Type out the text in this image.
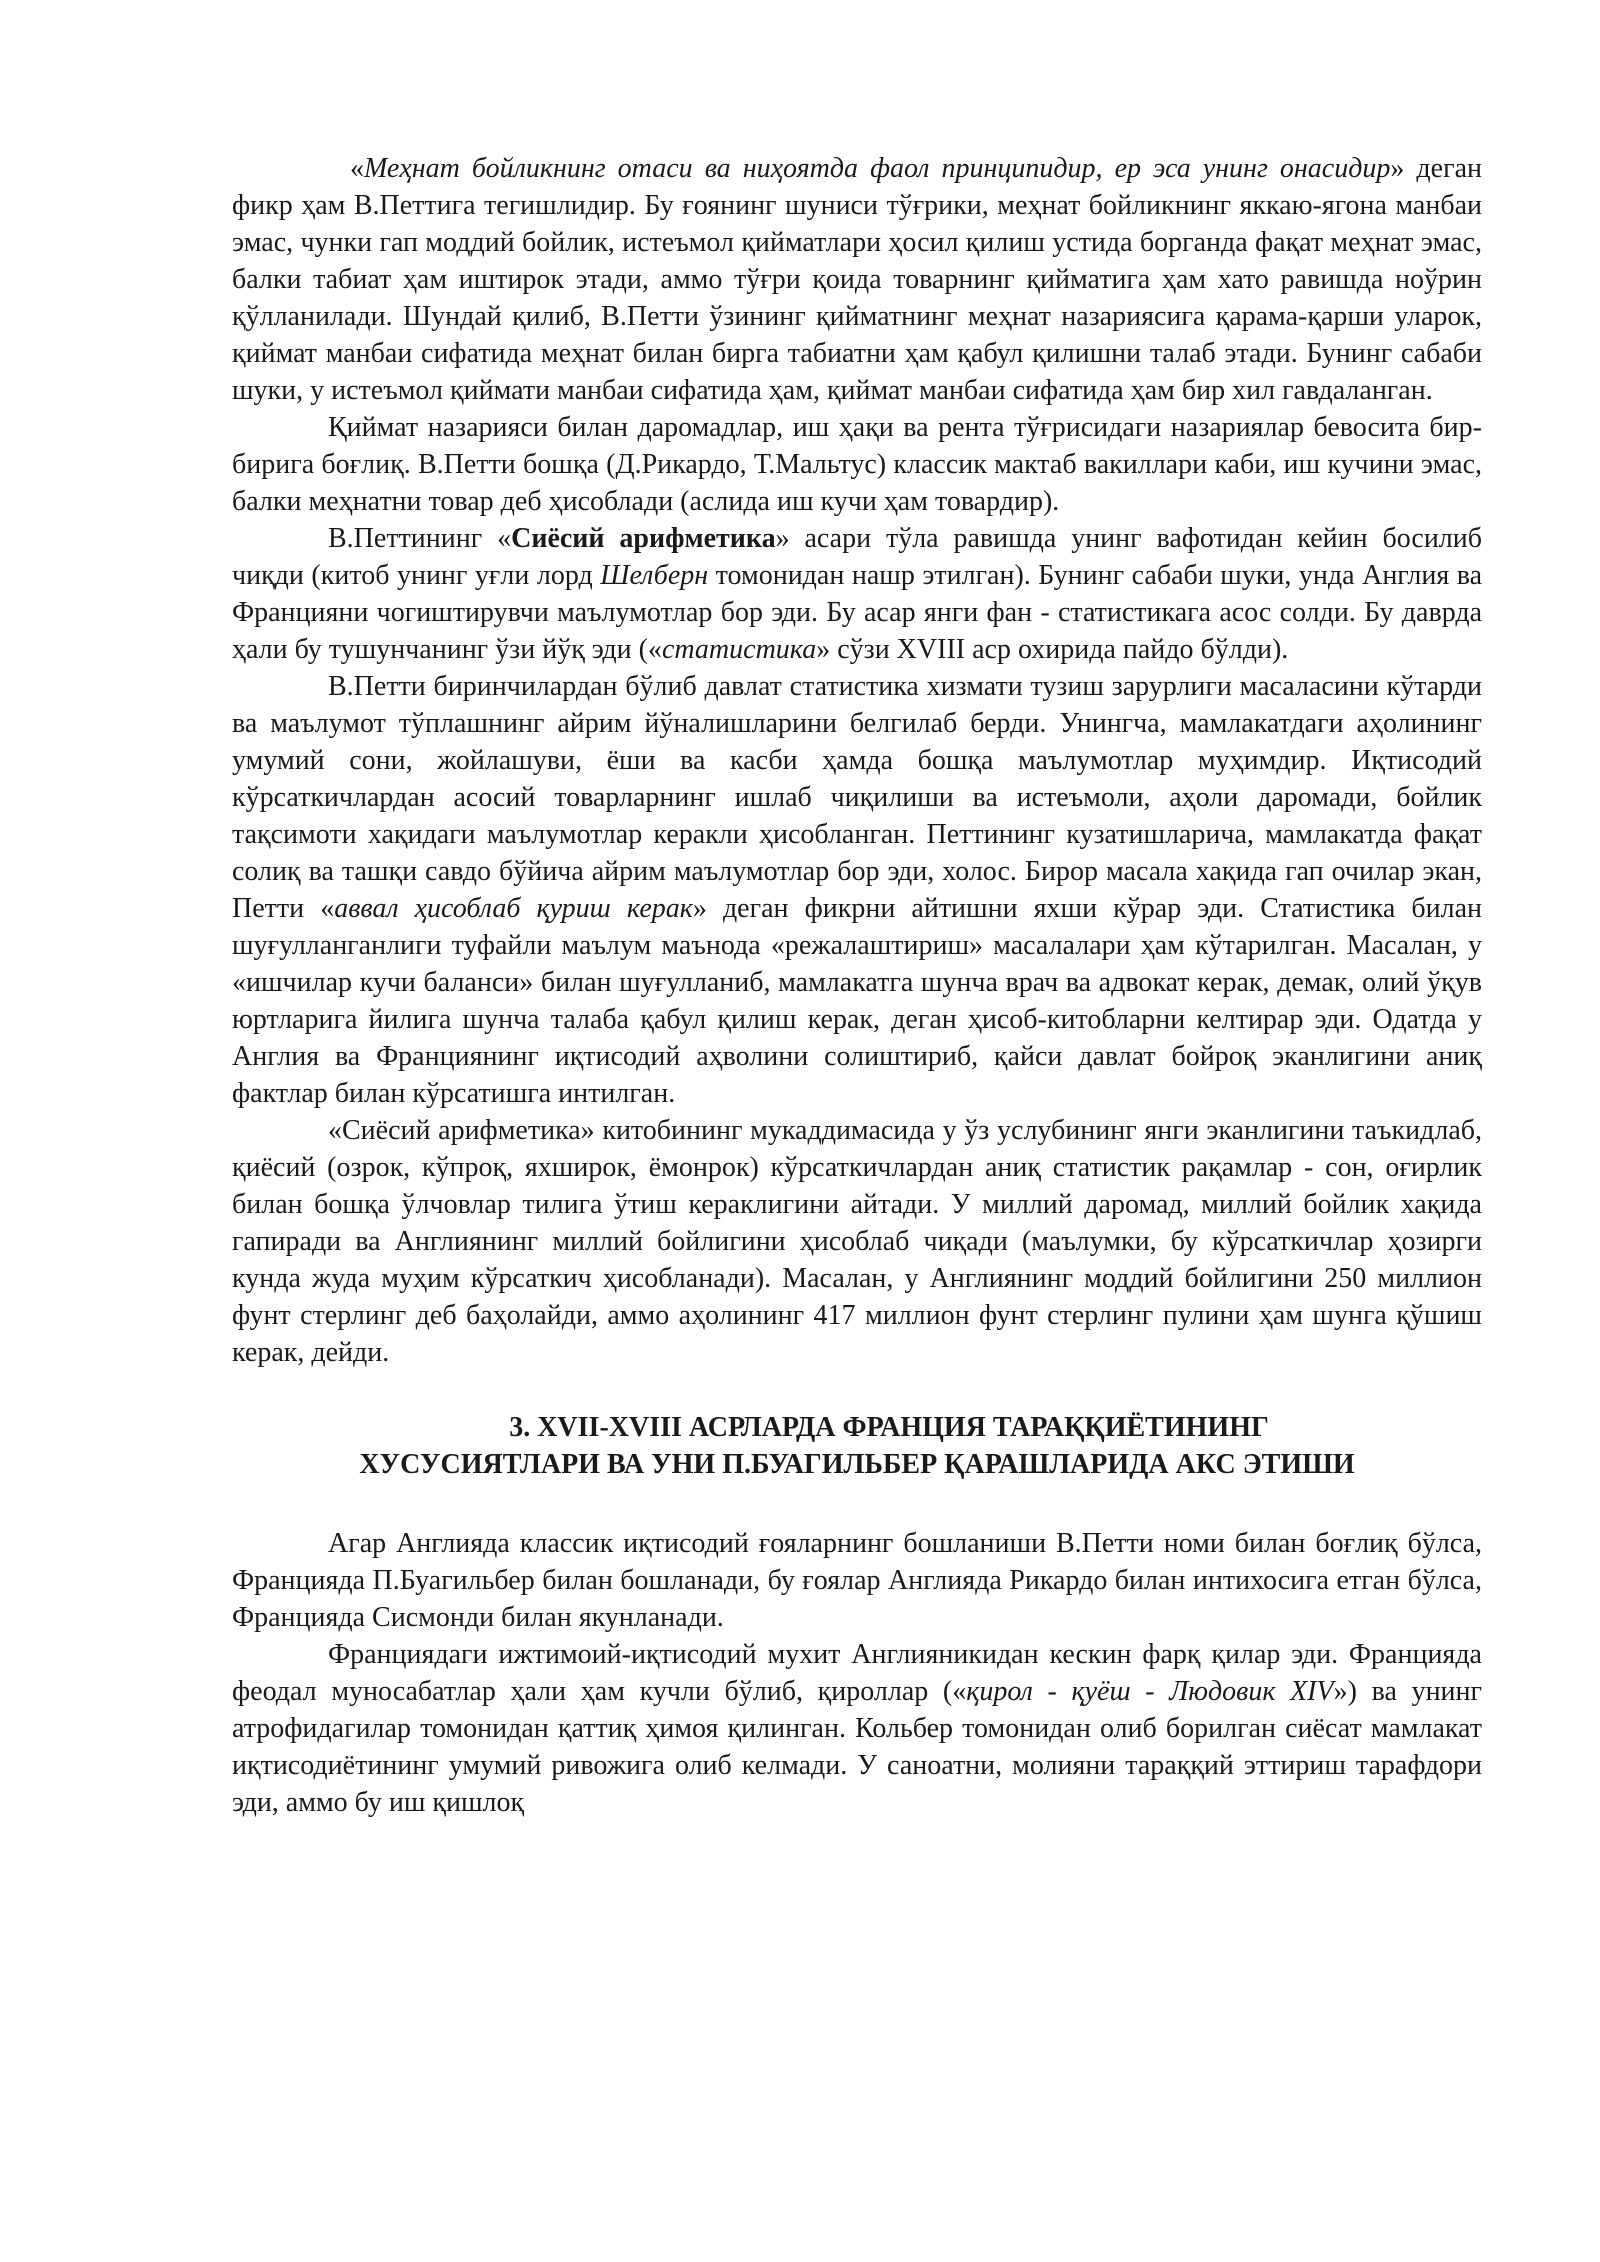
«Меҳнат бойликнинг отаси ва ниҳоятда фаол принципидир, ер эса унинг онасидир» деган фикр ҳам В.Петтига тегишлидир. Бу ғоянинг шуниси тўғрики, меҳнат бойликнинг яккаю-ягона манбаи эмас, чунки гап моддий бойлик, истеъмол қийматлари ҳосил қилиш устида борганда фақат меҳнат эмас, балки табиат ҳам иштирок этади, аммо тўғри қоида товарнинг қийматига ҳам хато равишда ноўрин қўлланилади. Шундай қилиб, В.Петти ўзининг қийматнинг меҳнат назариясига қарама-қарши уларок, қиймат манбаи сифатида меҳнат билан бирга табиатни ҳам қабул қилишни талаб этади. Бунинг сабаби шуки, у истеъмол қиймати манбаи сифатида ҳам, қиймат манбаи сифатида ҳам бир хил гавдаланган.

Қиймат назарияси билан даромадлар, иш ҳақи ва рента тўғрисидаги назариялар бевосита бир-бирига боғлиқ. В.Петти бошқа (Д.Рикардо, Т.Мальтус) классик мактаб вакиллари каби, иш кучини эмас, балки меҳнатни товар деб ҳисоблади (аслида иш кучи ҳам товардир).

В.Петтининг «Сиёсий арифметика» асари тўла равишда унинг вафотидан кейин босилиб чиқди (китоб унинг уғли лорд Шелберн томонидан нашр этилган). Бунинг сабаби шуки, унда Англия ва Францияни чогиштирувчи маълумотлар бор эди. Бу асар янги фан - статистикага асос солди. Бу даврда ҳали бу тушунчанинг ўзи йўқ эди («статистика» сўзи XVIII аср охирида пайдо бўлди).

В.Петти биринчилардан бўлиб давлат статистика хизмати тузиш зарурлиги масаласини кўтарди ва маълумот тўплашнинг айрим йўналишларини белгилаб берди. Унингча, мамлакатдаги аҳолининг умумий сони, жойлашуви, ёши ва касби ҳамда бошқа маълумотлар муҳимдир. Иқтисодий кўрсаткичлардан асосий товарларнинг ишлаб чиқилиши ва истеъмоли, аҳоли даромади, бойлик тақсимоти хақидаги маълумотлар керакли ҳисобланган. Петтининг кузатишларича, мамлакатда фақат солиқ ва ташқи савдо бўйича айрим маълумотлар бор эди, холос. Бирор масала хақида гап очилар экан, Петти «аввал ҳисоблаб қуриш керак» деган фикрни айтишни яхши кўрар эди. Статистика билан шуғулланганлиги туфайли маълум маънода «режалаштириш» масалалари ҳам кўтарилган. Масалан, у «ишчилар кучи баланси» билан шуғулланиб, мамлакатга шунча врач ва адвокат керак, демак, олий ўқув юртларига йилига шунча талаба қабул қилиш керак, деган ҳисоб-китобларни келтирар эди. Одатда у Англия ва Франциянинг иқтисодий аҳволини солиштириб, қайси давлат бойроқ эканлигини аниқ фактлар билан кўрсатишга интилган.

«Сиёсий арифметика» китобининг мукаддимасида у ўз услубининг янги эканлигини таъкидлаб, қиёсий (озрок, кўпроқ, яхширок, ёмонрок) кўрсаткичлардан аниқ статистик рақамлар - сон, оғирлик билан бошқа ўлчовлар тилига ўтиш кераклигини айтади. У миллий даромад, миллий бойлик хақида гапиради ва Англиянинг миллий бойлигини ҳисоблаб чиқади (маълумки, бу кўрсаткичлар ҳозирги кунда жуда муҳим кўрсаткич ҳисобланади). Масалан, у Англиянинг моддий бойлигини 250 миллион фунт стерлинг деб баҳолайди, аммо аҳолининг 417 миллион фунт стерлинг пулини ҳам шунга қўшиш керак, дейди.

3. XVII-XVIII АСРЛАРДА ФРАНЦИЯ ТАРАҚҚИЁТИНИНГ
ХУСУСИЯТЛАРИ ВА УНИ П.БУАГИЛЬБЕР ҚАРАШЛАРИДА АКС ЭТИШИ

Агар Англияда классик иқтисодий ғояларнинг бошланиши В.Петти номи билан боғлиқ бўлса, Францияда П.Буагильбер билан бошланади, бу ғоялар Англияда Рикардо билан интихосига етган бўлса, Францияда Сисмонди билан якунланади.

Франциядаги ижтимоий-иқтисодий мухит Англияникидан кескин фарқ қилар эди. Францияда феодал муносабатлар ҳали ҳам кучли бўлиб, қироллар («қирол - қуёш - Людовик XIV») ва унинг атрофидагилар томонидан қаттиқ ҳимоя қилинган. Кольбер томонидан олиб борилган сиёсат мамлакат иқтисодиётининг умумий ривожига олиб келмади. У саноатни, молияни тараққий эттириш тарафдори эди, аммо бу иш қишлоқ
